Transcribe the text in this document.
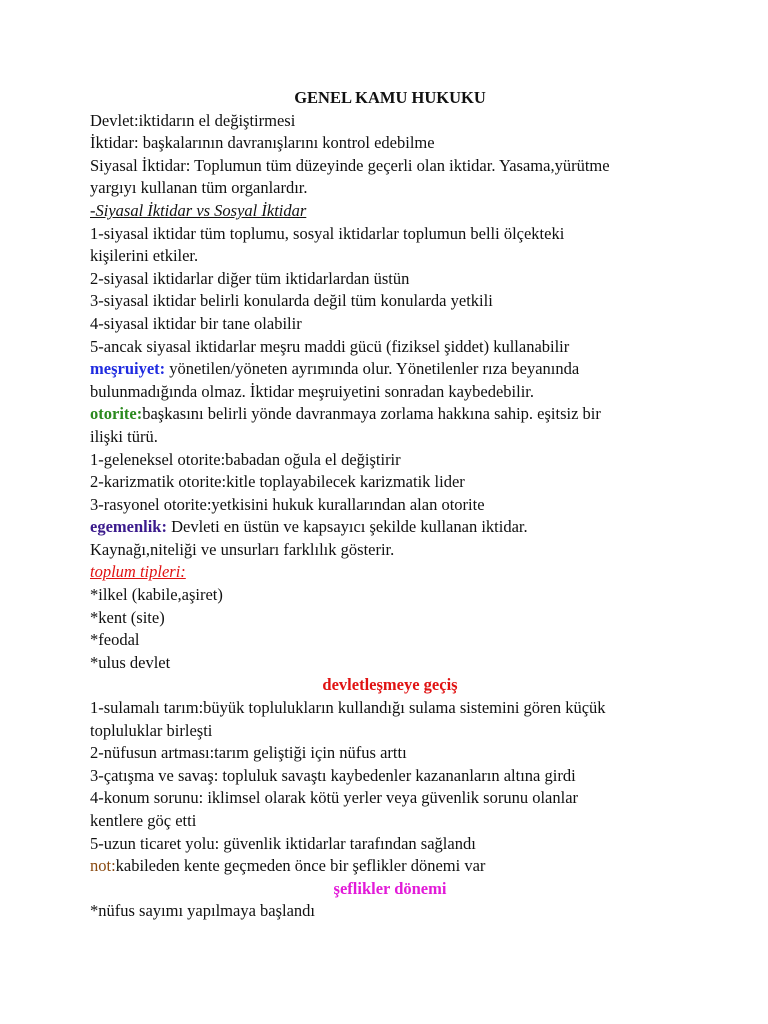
GENEL KAMU HUKUKU
Devlet:iktidarın el değiştirmesi
İktidar: başkalarının davranışlarını kontrol edebilme
Siyasal İktidar: Toplumun tüm düzeyinde geçerli olan iktidar. Yasama,yürütme
yargıyı kullanan tüm organlardır.
-Siyasal İktidar vs Sosyal İktidar
1-siyasal iktidar tüm toplumu, sosyal iktidarlar toplumun belli ölçekteki
kişilerini etkiler.
2-siyasal iktidarlar diğer tüm iktidarlardan üstün
3-siyasal iktidar belirli konularda değil tüm konularda yetkili
4-siyasal iktidar bir tane olabilir
5-ancak siyasal iktidarlar meşru maddi gücü (fiziksel şiddet) kullanabilir
meşruiyet: yönetilen/yöneten ayrımında olur. Yönetilenler rıza beyanında
bulunmadığında olmaz. İktidar meşruiyetini sonradan kaybedebilir.
otorite:başkasını belirli yönde davranmaya zorlama hakkına sahip. eşitsiz bir
ilişki türü.
1-geleneksel otorite:babadan oğula el değiştirir
2-karizmatik otorite:kitle toplayabilecek karizmatik lider
3-rasyonel otorite:yetkisini hukuk kurallarından alan otorite
egemenlik: Devleti en üstün ve kapsayıcı şekilde kullanan iktidar.
Kaynağı,niteliği ve unsurları farklılık gösterir.
toplum tipleri:
*ilkel (kabile,aşiret)
*kent (site)
*feodal
*ulus devlet
devletleşmeye geçiş
1-sulamalı tarım:büyük toplulukların kullandığı sulama sistemini gören küçük
topluluklar birleşti
2-nüfusun artması:tarım geliştiği için nüfus arttı
3-çatışma ve savaş: topluluk savaştı kaybedenler kazananların altına girdi
4-konum sorunu: iklimsel olarak kötü yerler veya güvenlik sorunu olanlar
kentlere göç etti
5-uzun ticaret yolu: güvenlik iktidarlar tarafından sağlandı
not:kabileden kente geçmeden önce bir şeflikler dönemi var
şeflikler dönemi
*nüfus sayımı yapılmaya başlandı
